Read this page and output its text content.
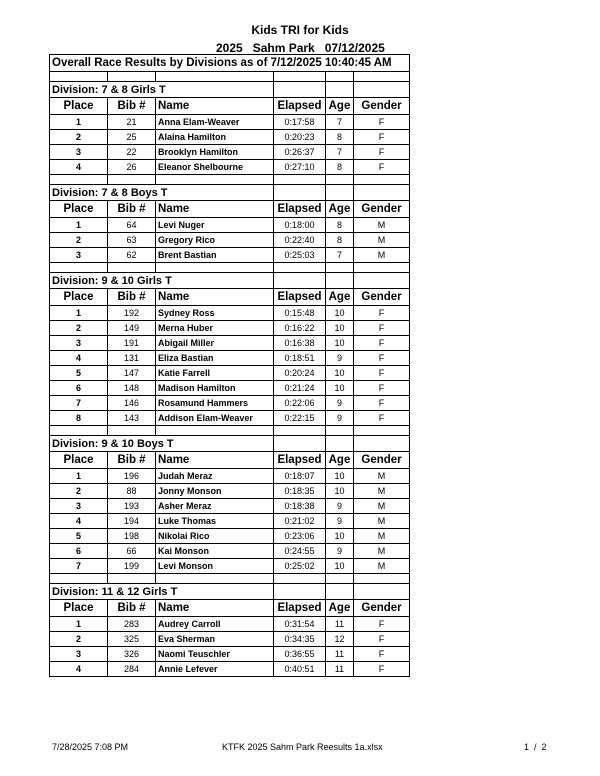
Kids TRI for Kids
2025   Sahm Park   07/12/2025
Overall Race Results by Divisions as of 7/12/2025 10:40:45 AM					

Division: 7 & 8 Girls T					
Place	Bib #	Name	Elapsed	Age	Gender
1	21	Anna Elam-Weaver	0:17:58	7	F
2	25	Alaina Hamilton	0:20:23	8	F
3	22	Brooklyn Hamilton	0:26:37	7	F
4	26	Eleanor Shelbourne	0:27:10	8	F

Division: 7 & 8 Boys T					
Place	Bib #	Name	Elapsed	Age	Gender
1	64	Levi Nuger	0:18:00	8	M
2	63	Gregory Rico	0:22:40	8	M
3	62	Brent Bastian	0:25:03	7	M

Division: 9 & 10 Girls T					
Place	Bib #	Name	Elapsed	Age	Gender
1	192	Sydney Ross	0:15:48	10	F
2	149	Merna Huber	0:16:22	10	F
3	191	Abigail Miller	0:16:38	10	F
4	131	Eliza Bastian	0:18:51	9	F
5	147	Katie Farrell	0:20:24	10	F
6	148	Madison Hamilton	0:21:24	10	F
7	146	Rosamund Hammers	0:22:06	9	F
8	143	Addison Elam-Weaver	0:22:15	9	F

Division: 9 & 10 Boys T					
Place	Bib #	Name	Elapsed	Age	Gender
1	196	Judah Meraz	0:18:07	10	M
2	88	Jonny Monson	0:18:35	10	M
3	193	Asher Meraz	0:18:38	9	M
4	194	Luke Thomas	0:21:02	9	M
5	198	Nikolai Rico	0:23:06	10	M
6	66	Kai Monson	0:24:55	9	M
7	199	Levi Monson	0:25:02	10	M

Division: 11 & 12 Girls T					
Place	Bib #	Name	Elapsed	Age	Gender
1	283	Audrey Carroll	0:31:54	11	F
2	325	Eva Sherman	0:34:35	12	F
3	326	Naomi Teuschler	0:36:55	11	F
4	284	Annie Lefever	0:40:51	11	F
7/28/2025 7:08 PM	KTFK 2025 Sahm Park Reesults 1a.xlsx	1  /  2
